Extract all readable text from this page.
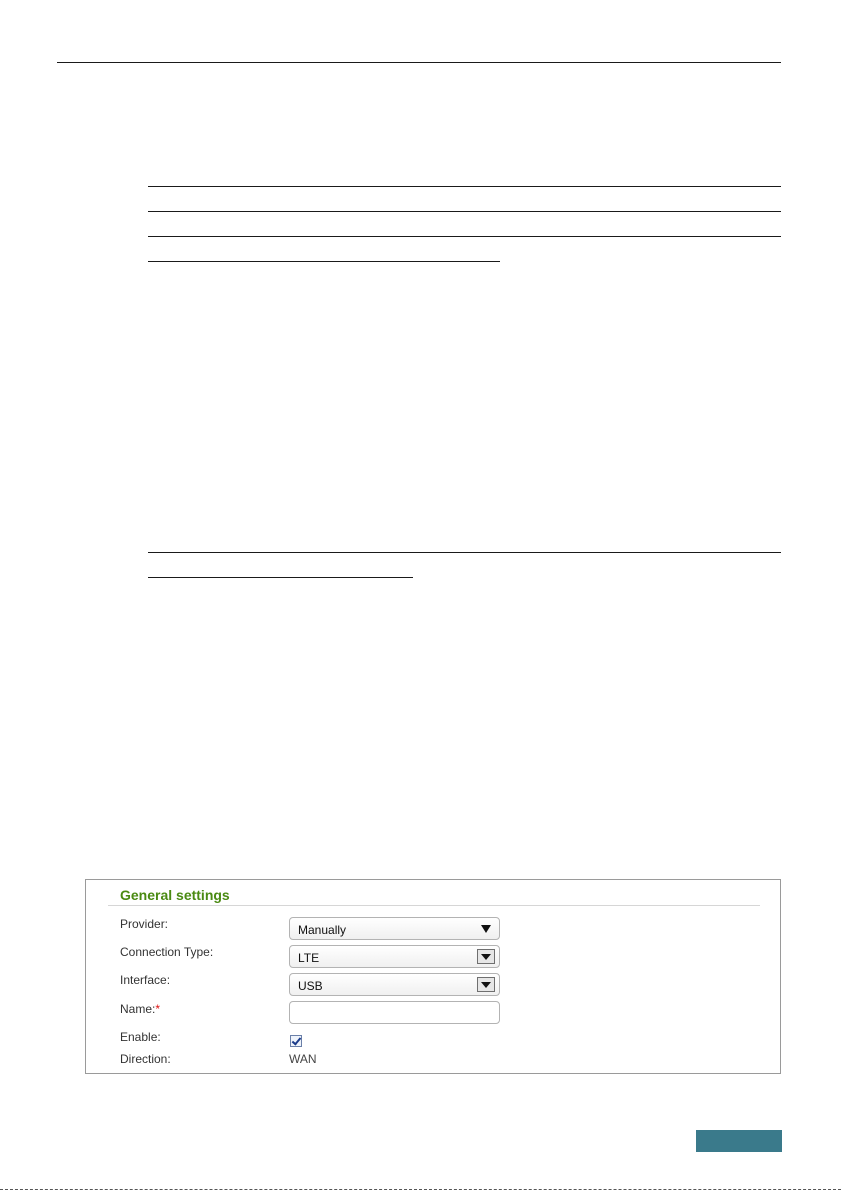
General settings
Provider:	Manually
Connection Type:	LTE
Interface:	USB
Name:*
Enable:
Direction:	WAN
